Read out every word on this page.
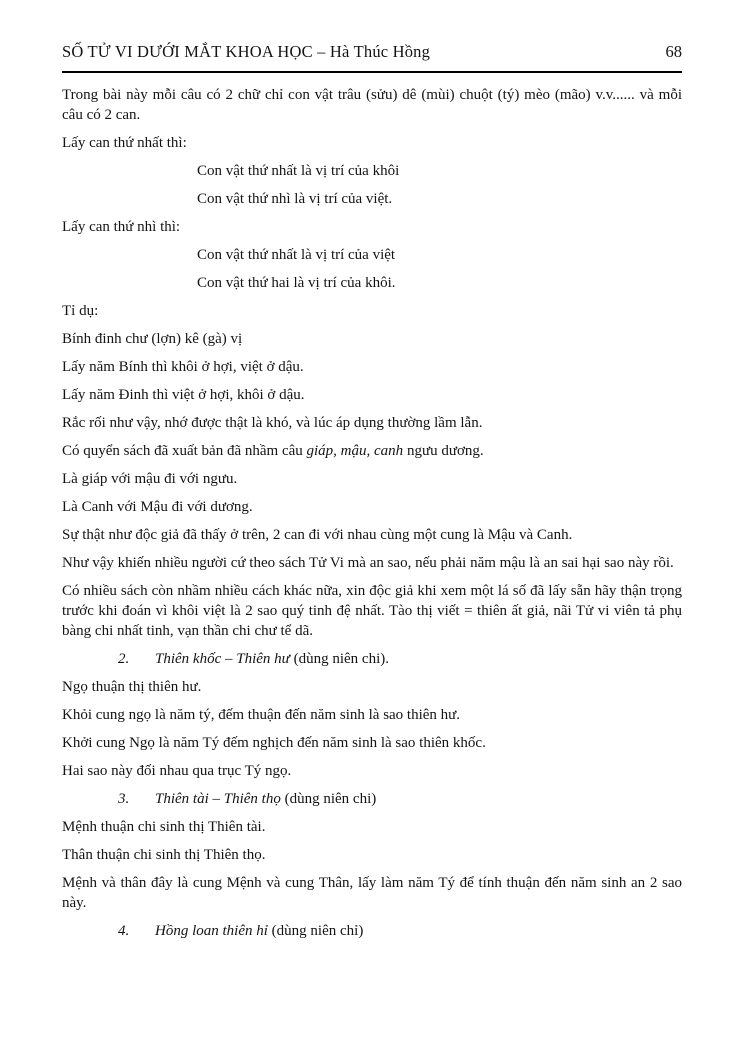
SỐ TỬ VI DƯỚI MẮT KHOA HỌC – Hà Thúc Hồng	68

Trong bài này mỗi câu có 2 chữ chỉ con vật trâu (sửu) dê (mùi) chuột (tý) mèo (mão) v.v...... và mỗi câu có 2 can.

Lấy can thứ nhất thì:

Con vật thứ nhất là vị trí của khôi

Con vật thứ nhì là vị trí của việt.

Lấy can thứ nhì thì:

Con vật thứ nhất là vị trí của việt

Con vật thứ hai là vị trí của khôi.

Tỉ dụ:

Bính đinh chư (lợn) kê (gà) vị

Lấy năm Bính thì khôi ở hợi, việt ở dậu.

Lấy năm Đinh thì việt ở hợi, khôi ở dậu.

Rắc rối như vậy, nhớ được thật là khó, và lúc áp dụng thường lầm lẫn.

Có quyển sách đã xuất bản đã nhầm câu giáp, mậu, canh ngưu dương.

Là giáp với mậu đi với ngưu.

Là Canh với Mậu đi với dương.

Sự thật như độc giả đã thấy ở trên, 2 can đi với nhau cùng một cung là Mậu và Canh.

Như vậy khiến nhiều người cứ theo sách Tử Vi mà an sao, nếu phải năm mậu là an sai hại sao này rồi.

Có nhiều sách còn nhầm nhiều cách khác nữa, xin độc giả khi xem một lá số đã lấy sẵn hãy thận trọng trước khi đoán vì khôi việt là 2 sao quý tinh đệ nhất. Tào thị viết = thiên ất giả, nãi Tử vi viên tả phụ bàng chi nhất tinh, vạn thần chi chư tể dã.

2. Thiên khốc – Thiên hư (dùng niên chi).

Ngọ thuận thị thiên hư.

Khỏi cung ngọ là năm tý, đếm thuận đến năm sinh là sao thiên hư.

Khởi cung Ngọ là năm Tý đếm nghịch đến năm sinh là sao thiên khốc.

Hai sao này đối nhau qua trục Tý ngọ.

3. Thiên tài – Thiên thọ (dùng niên chi)

Mệnh thuận chi sinh thị Thiên tài.

Thân thuận chi sinh thị Thiên thọ.

Mệnh và thân đây là cung Mệnh và cung Thân, lấy làm năm Tý để tính thuận đến năm sinh an 2 sao này.

4. Hồng loan thiên hỉ (dùng niên chỉ)
